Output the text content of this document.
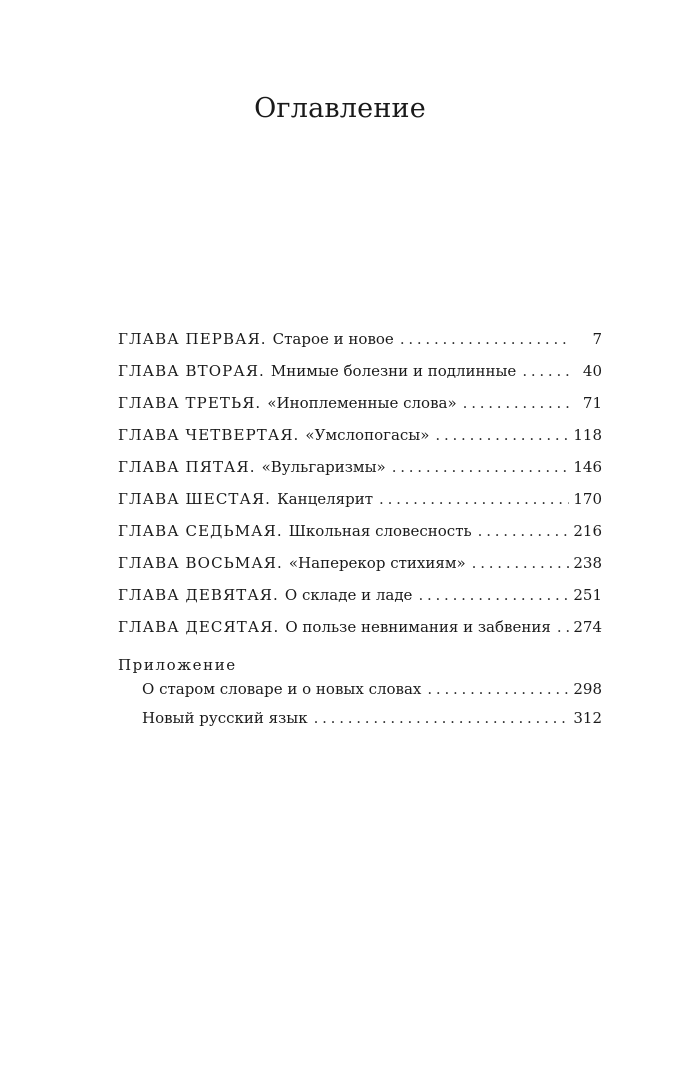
Оглавление
ГЛАВА ПЕРВАЯ. Старое и новое . . .	7
ГЛАВА ВТОРАЯ. Мнимые болезни и подлинные . . .	40
ГЛАВА ТРЕТЬЯ. «Иноплеменные слова» . . .	71
ГЛАВА ЧЕТВЕРТАЯ. «Умслопогасы» . . .	118
ГЛАВА ПЯТАЯ. «Вульгаризмы» . . .	146
ГЛАВА ШЕСТАЯ. Канцелярит . . .	170
ГЛАВА СЕДЬМАЯ. Школьная словесность . . .	216
ГЛАВА ВОСЬМАЯ. «Наперекор стихиям» . . .	238
ГЛАВА ДЕВЯТАЯ. О складе и ладе . . .	251
ГЛАВА ДЕСЯТАЯ. О пользе невнимания и забвения . . . 274
Приложение
О старом словаре и о новых словах . . .	298
Новый русский язык . . .	312
